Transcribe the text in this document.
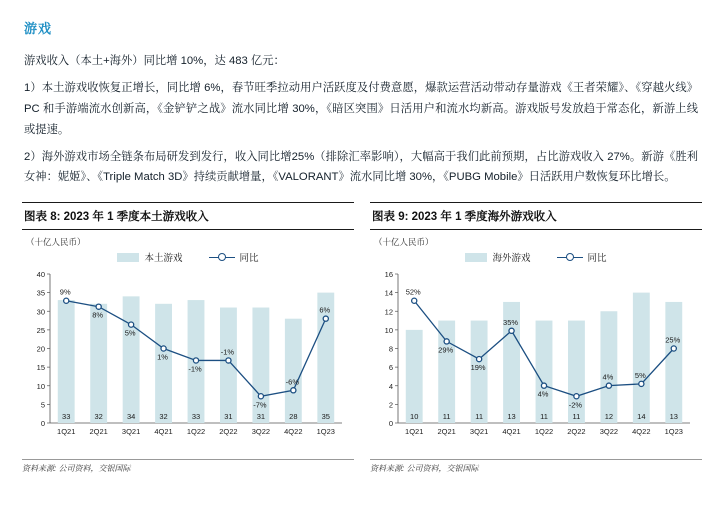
游戏

游戏收入（本土+海外）同比增 10%，达 483 亿元：

1）本土游戏收恢复正增长，同比增 6%，春节旺季拉动用户活跃度及付费意愿，爆款运营活动带动存量游戏《王者荣耀》、《穿越火线》PC 和手游端流水创新高，《金铲铲之战》流水同比增 30%，《暗区突围》日活用户和流水均新高。游戏版号发放趋于常态化，新游上线或提速。

2）海外游戏市场全链条布局研发到发行，收入同比增25%（排除汇率影响），大幅高于我们此前预期，占比游戏收入 27%。新游《胜利女神：妮姬》、《Triple Match 3D》持续贡献增量，《VALORANT》流水同比增 30%，《PUBG Mobile》日活跃用户数恢复环比增长。

图表 8: 2023 年 1 季度本土游戏收入
（十亿人民币）
本土游戏	同比
0
5
10
15
20
25
30
35
40
33	32	34	32	33	31	31	28	35
9%
8%
5%
1%
-1%
-1%
-7%
-6%
6%
1Q21 2Q21 3Q21 4Q21 1Q22 2Q22 3Q22 4Q22 1Q23
资料来源: 公司资料，交银国际
图表 9: 2023 年 1 季度海外游戏收入
（十亿人民币）
海外游戏	同比
0
2
4
6
8
10
12
14
16
10	11	11	13	11	11	12	14	13
52%
29%
19%
35%
4%
-2%
4%	5%
25%
1Q21 2Q21 3Q21 4Q21 1Q22 2Q22 3Q22 4Q22 1Q23
资料来源: 公司资料，交银国际
